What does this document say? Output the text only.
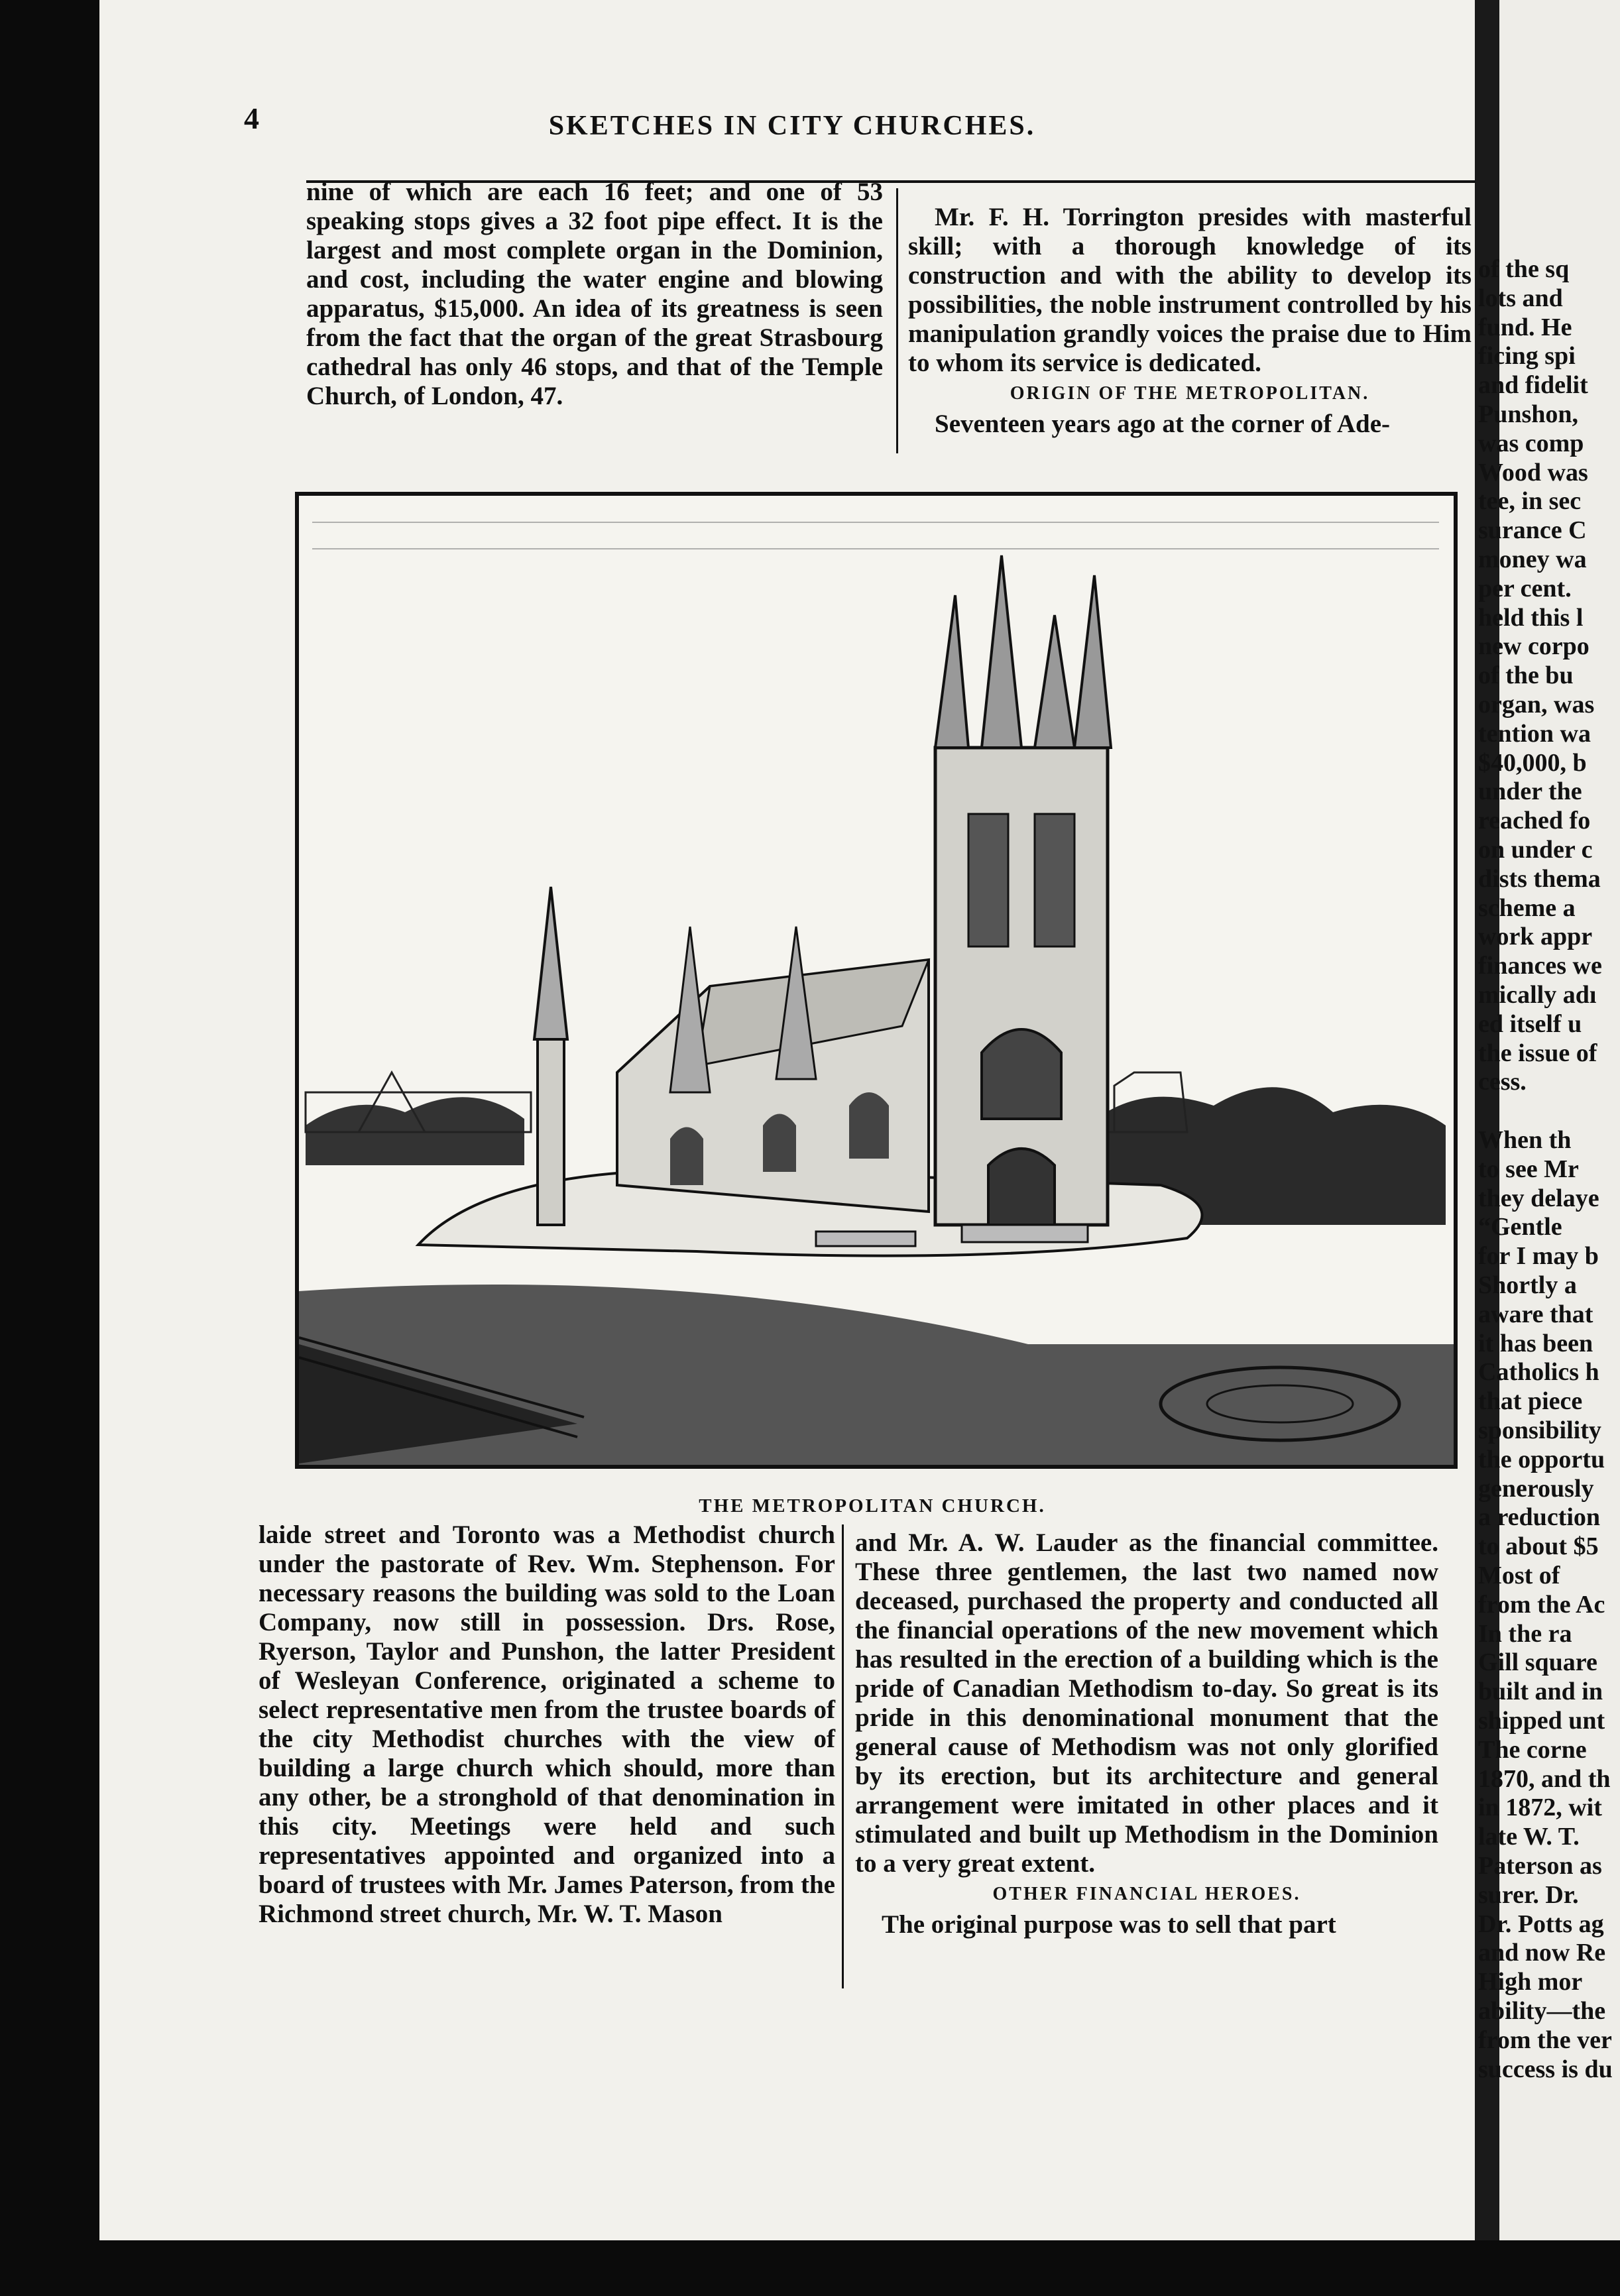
4	SKETCHES IN CITY CHURCHES.

nine of which are each 16 feet; and one of 53 speaking stops gives a 32 foot pipe effect. It is the largest and most complete organ in the Dominion, and cost, including the water engine and blowing apparatus, $15,000. An idea of its greatness is seen from the fact that the organ of the great Strasbourg cathedral has only 46 stops, and that of the Temple Church, of London, 47.

Mr. F. H. Torrington presides with masterful skill; with a thorough knowledge of its construction and with the ability to develop its possibilities, the noble instrument controlled by his manipulation grandly voices the praise due to Him to whom its service is dedicated.

ORIGIN OF THE METROPOLITAN.

Seventeen years ago at the corner of Ade-

THE METROPOLITAN CHURCH.

laide street and Toronto was a Methodist church under the pastorate of Rev. Wm. Stephenson. For necessary reasons the building was sold to the Loan Company, now still in possession. Drs. Rose, Ryerson, Taylor and Punshon, the latter President of Wesleyan Conference, originated a scheme to select representative men from the trustee boards of the city Methodist churches with the view of building a large church which should, more than any other, be a stronghold of that denomination in this city. Meetings were held and such representatives appointed and organized into a board of trustees with Mr. James Paterson, from the Richmond street church, Mr. W. T. Mason

and Mr. A. W. Lauder as the financial committee. These three gentlemen, the last two named now deceased, purchased the property and conducted all the financial operations of the new movement which has resulted in the erection of a building which is the pride of Canadian Methodism to-day. So great is its pride in this denominational monument that the general cause of Methodism was not only glorified by its erection, but its architecture and general arrangement were imitated in other places and it stimulated and built up Methodism in the Dominion to a very great extent.

OTHER FINANCIAL HEROES.

The original purpose was to sell that part

of the sq
lots and
fund. He
ficing spi
and fidelit
Punshon,
was comp
Wood was
tee, in sec
surance C
money wa
per cent.
held this l
new corpo
of the bu
organ, was
tention wa
$40,000, b
under the
reached fo
on under c
dists thema
scheme a
work appr
finances we
mically adı
ed itself u
the issue of
cess.
When th
to see Mr
they delaye
“Gentle
for I may b
Shortly a
aware that
it has been
Catholics h
that piece
sponsibility
the opportu
generously
a reduction
to about $5
Most of
from the Ac
In the ra
Gill square
built and in
shipped unt
The corne
1870, and th
in 1872, wit
late W. T.
Paterson as
surer. Dr.
Dr. Potts ag
and now Re
High mor
ability—the
from the ver
success is du
